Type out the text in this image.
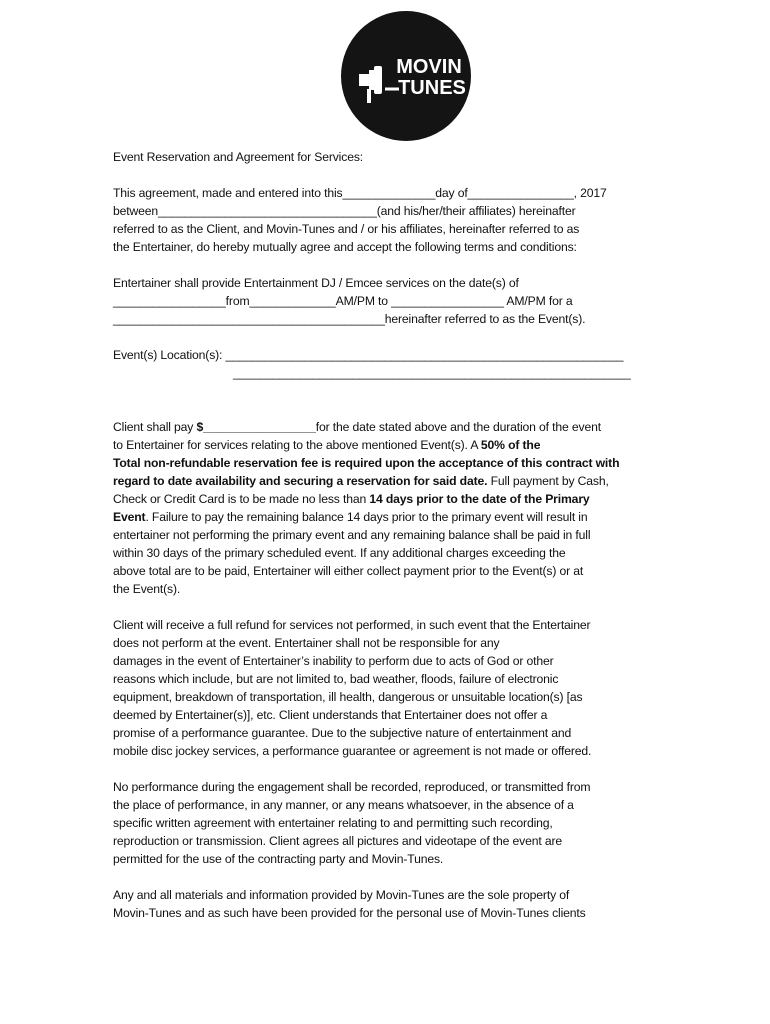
MOVIN
TUNES

Event Reservation and Agreement for Services:

This agreement, made and entered into this______________day of________________, 2017
between_________________________________(and his/her/their affiliates) hereinafter
referred to as the Client, and Movin-Tunes and / or his affiliates, hereinafter referred to as
the Entertainer, do hereby mutually agree and accept the following terms and conditions:

Entertainer shall provide Entertainment DJ / Emcee services on the date(s) of
_________________from_____________AM/PM to _________________ AM/PM for a
_________________________________________hereinafter referred to as the Event(s).

Event(s) Location(s): ____________________________________________________________
____________________________________________________________

Client shall pay $_________________for the date stated above and the duration of the event
to Entertainer for services relating to the above mentioned Event(s). A 50% of the
Total non-refundable reservation fee is required upon the acceptance of this contract with
regard to date availability and securing a reservation for said date. Full payment by Cash,
Check or Credit Card is to be made no less than 14 days prior to the date of the Primary
Event. Failure to pay the remaining balance 14 days prior to the primary event will result in
entertainer not performing the primary event and any remaining balance shall be paid in full
within 30 days of the primary scheduled event. If any additional charges exceeding the
above total are to be paid, Entertainer will either collect payment prior to the Event(s) or at
the Event(s).

Client will receive a full refund for services not performed, in such event that the Entertainer
does not perform at the event. Entertainer shall not be responsible for any
damages in the event of Entertainer’s inability to perform due to acts of God or other
reasons which include, but are not limited to, bad weather, floods, failure of electronic
equipment, breakdown of transportation, ill health, dangerous or unsuitable location(s) [as
deemed by Entertainer(s)], etc. Client understands that Entertainer does not offer a
promise of a performance guarantee. Due to the subjective nature of entertainment and
mobile disc jockey services, a performance guarantee or agreement is not made or offered.

No performance during the engagement shall be recorded, reproduced, or transmitted from
the place of performance, in any manner, or any means whatsoever, in the absence of a
specific written agreement with entertainer relating to and permitting such recording,
reproduction or transmission. Client agrees all pictures and videotape of the event are
permitted for the use of the contracting party and Movin-Tunes.

Any and all materials and information provided by Movin-Tunes are the sole property of
Movin-Tunes and as such have been provided for the personal use of Movin-Tunes clients
